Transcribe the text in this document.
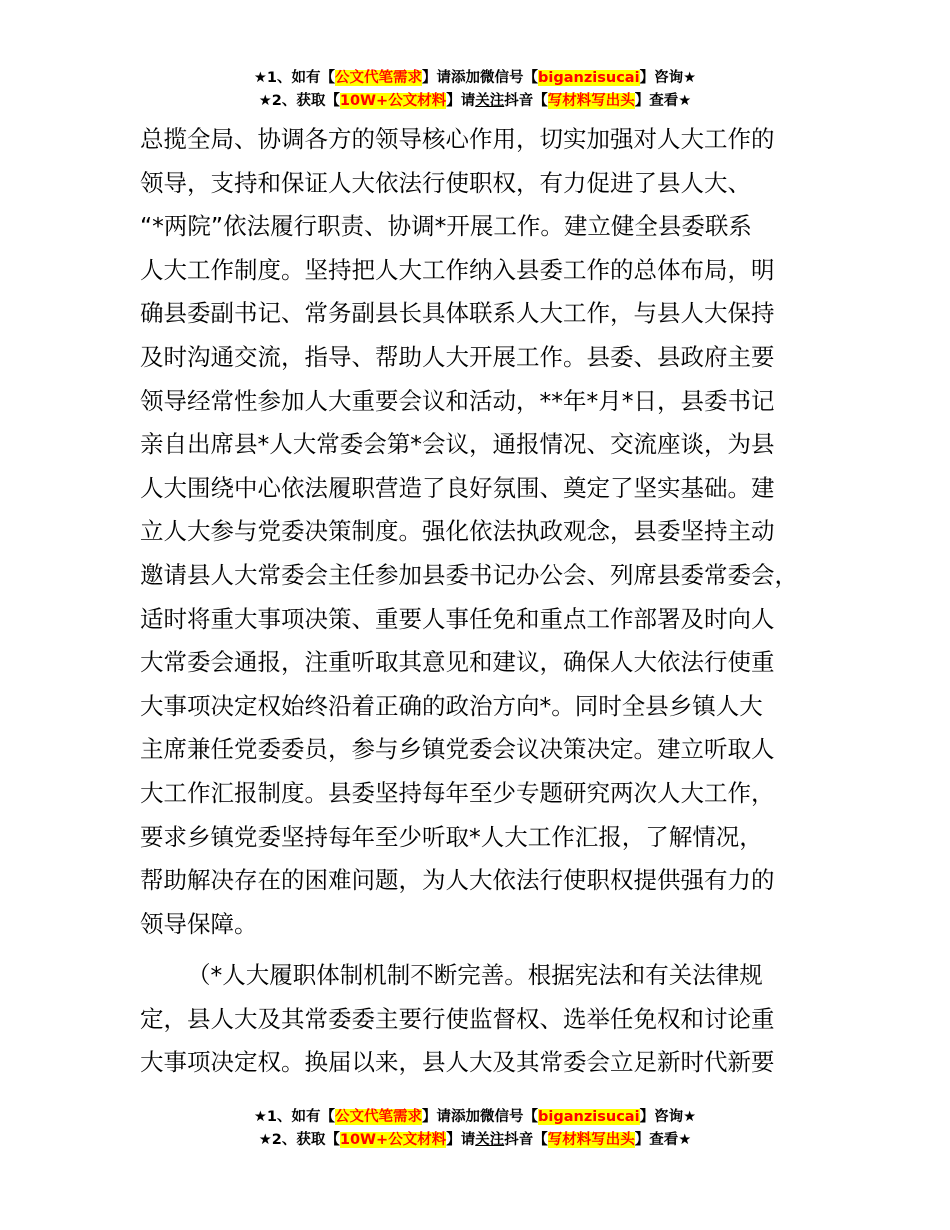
★1、如有【公文代笔需求】请添加微信号【biganzisucai】咨询★
★2、获取【10W+公文材料】请关注抖音【写材料写出头】查看★
总揽全局、协调各方的领导核心作用，切实加强对人大工作的
领导，支持和保证人大依法行使职权，有力促进了县人大、
“*两院”依法履行职责、协调*开展工作。建立健全县委联系
人大工作制度。坚持把人大工作纳入县委工作的总体布局，明
确县委副书记、常务副县长具体联系人大工作，与县人大保持
及时沟通交流，指导、帮助人大开展工作。县委、县政府主要
领导经常性参加人大重要会议和活动，**年*月*日，县委书记
亲自出席县*人大常委会第*会议，通报情况、交流座谈，为县
人大围绕中心依法履职营造了良好氛围、奠定了坚实基础。建
立人大参与党委决策制度。强化依法执政观念，县委坚持主动
邀请县人大常委会主任参加县委书记办公会、列席县委常委会，
适时将重大事项决策、重要人事任免和重点工作部署及时向人
大常委会通报，注重听取其意见和建议，确保人大依法行使重
大事项决定权始终沿着正确的政治方向*。同时全县乡镇人大
主席兼任党委委员，参与乡镇党委会议决策决定。建立听取人
大工作汇报制度。县委坚持每年至少专题研究两次人大工作，
要求乡镇党委坚持每年至少听取*人大工作汇报，了解情况，
帮助解决存在的困难问题，为人大依法行使职权提供强有力的
领导保障。
（*人大履职体制机制不断完善。根据宪法和有关法律规
定，县人大及其常委委主要行使监督权、选举任免权和讨论重
大事项决定权。换届以来，县人大及其常委会立足新时代新要
★1、如有【公文代笔需求】请添加微信号【biganzisucai】咨询★
★2、获取【10W+公文材料】请关注抖音【写材料写出头】查看★
